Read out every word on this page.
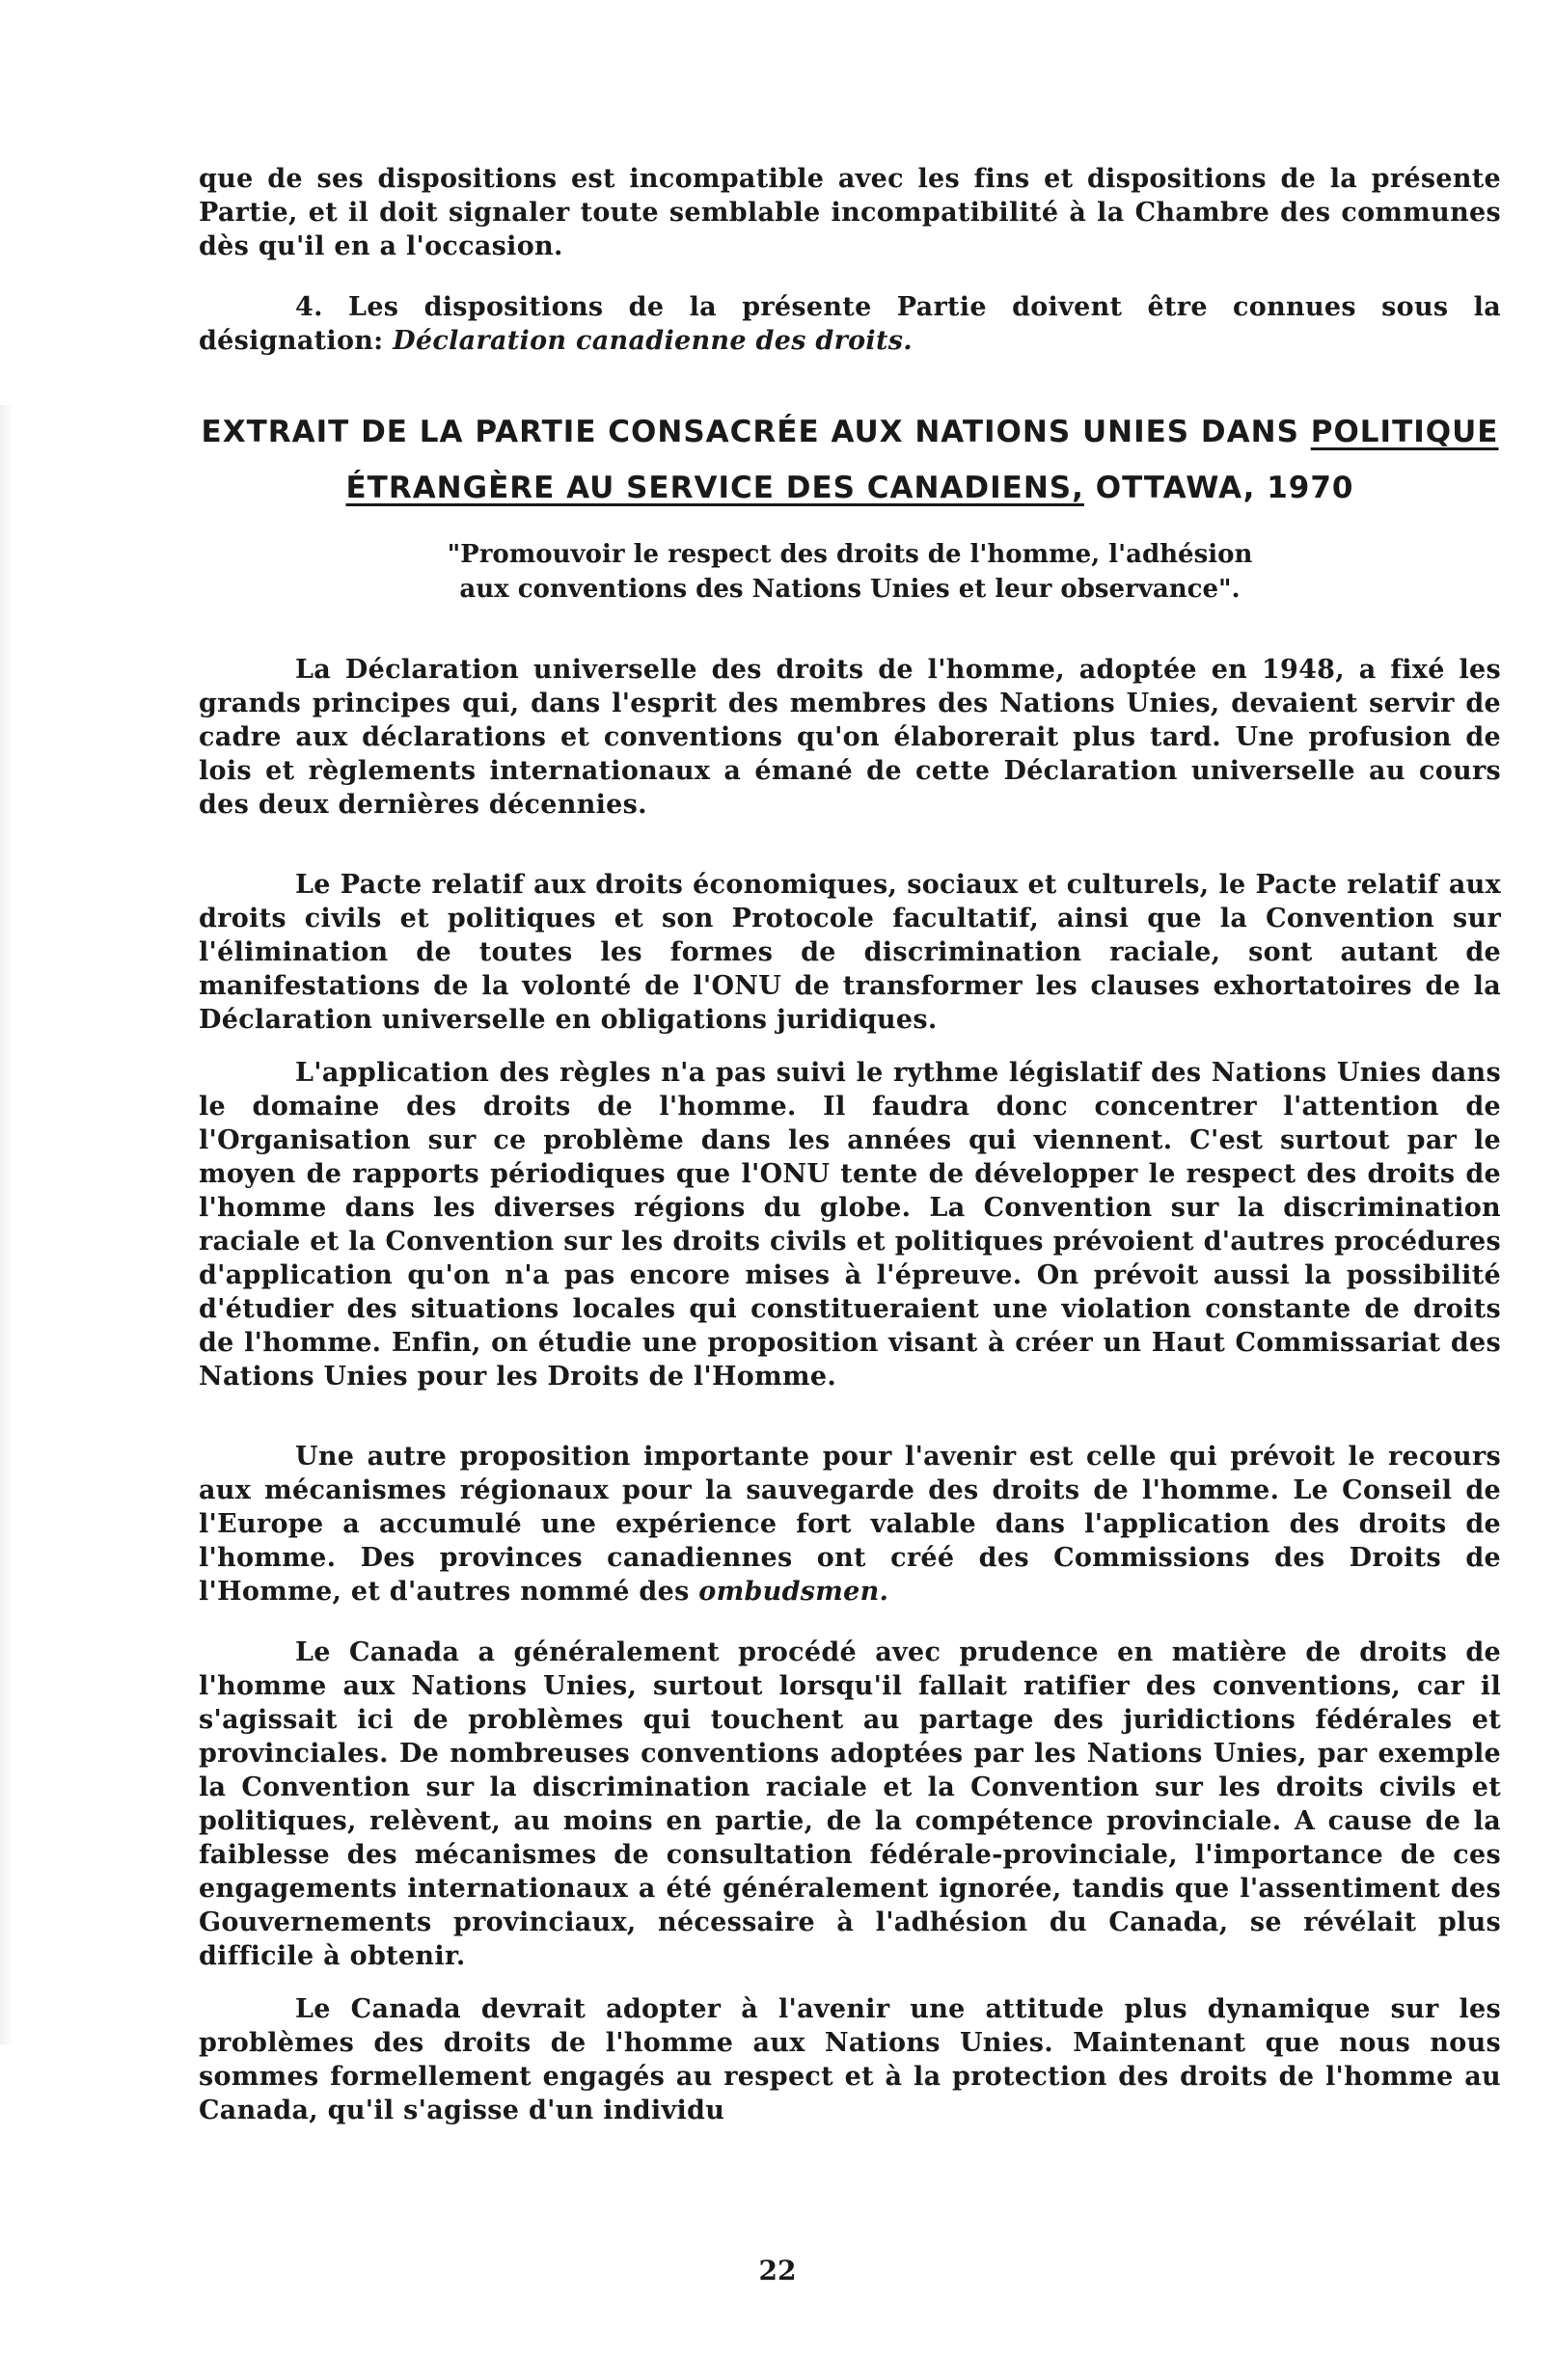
que de ses dispositions est incompatible avec les fins et dispositions de la présente Partie, et il doit signaler toute semblable incompatibilité à la Chambre des communes dès qu'il en a l'occasion.

4. Les dispositions de la présente Partie doivent être connues sous la désignation: Déclaration canadienne des droits.

EXTRAIT DE LA PARTIE CONSACRÉE AUX NATIONS UNIES DANS POLITIQUE
ÉTRANGÈRE AU SERVICE DES CANADIENS, OTTAWA, 1970
"Promouvoir le respect des droits de l'homme, l'adhésion
aux conventions des Nations Unies et leur observance".

La Déclaration universelle des droits de l'homme, adoptée en 1948, a fixé les grands principes qui, dans l'esprit des membres des Nations Unies, devaient servir de cadre aux déclarations et conventions qu'on élaborerait plus tard. Une profusion de lois et règlements internationaux a émané de cette Déclaration universelle au cours des deux dernières décennies.

Le Pacte relatif aux droits économiques, sociaux et culturels, le Pacte relatif aux droits civils et politiques et son Protocole facultatif, ainsi que la Convention sur l'élimination de toutes les formes de discrimination raciale, sont autant de manifestations de la volonté de l'ONU de transformer les clauses exhortatoires de la Déclaration universelle en obligations juridiques.

L'application des règles n'a pas suivi le rythme législatif des Nations Unies dans le domaine des droits de l'homme. Il faudra donc concentrer l'attention de l'Organisation sur ce problème dans les années qui viennent. C'est surtout par le moyen de rapports périodiques que l'ONU tente de développer le respect des droits de l'homme dans les diverses régions du globe. La Convention sur la discrimination raciale et la Convention sur les droits civils et politiques prévoient d'autres procédures d'application qu'on n'a pas encore mises à l'épreuve. On prévoit aussi la possibilité d'étudier des situations locales qui constitueraient une violation constante de droits de l'homme. Enfin, on étudie une proposition visant à créer un Haut Commissariat des Nations Unies pour les Droits de l'Homme.

Une autre proposition importante pour l'avenir est celle qui prévoit le recours aux mécanismes régionaux pour la sauvegarde des droits de l'homme. Le Conseil de l'Europe a accumulé une expérience fort valable dans l'application des droits de l'homme. Des provinces canadiennes ont créé des Commissions des Droits de l'Homme, et d'autres nommé des ombudsmen.

Le Canada a généralement procédé avec prudence en matière de droits de l'homme aux Nations Unies, surtout lorsqu'il fallait ratifier des conventions, car il s'agissait ici de problèmes qui touchent au partage des juridictions fédérales et provinciales. De nombreuses conventions adoptées par les Nations Unies, par exemple la Convention sur la discrimination raciale et la Convention sur les droits civils et politiques, relèvent, au moins en partie, de la compétence provinciale. A cause de la faiblesse des mécanismes de consultation fédérale-provinciale, l'importance de ces engagements internationaux a été généralement ignorée, tandis que l'assentiment des Gouvernements provinciaux, nécessaire à l'adhésion du Canada, se révélait plus difficile à obtenir.

Le Canada devrait adopter à l'avenir une attitude plus dynamique sur les problèmes des droits de l'homme aux Nations Unies. Maintenant que nous nous sommes formellement engagés au respect et à la protection des droits de l'homme au Canada, qu'il s'agisse d'un individu

22
